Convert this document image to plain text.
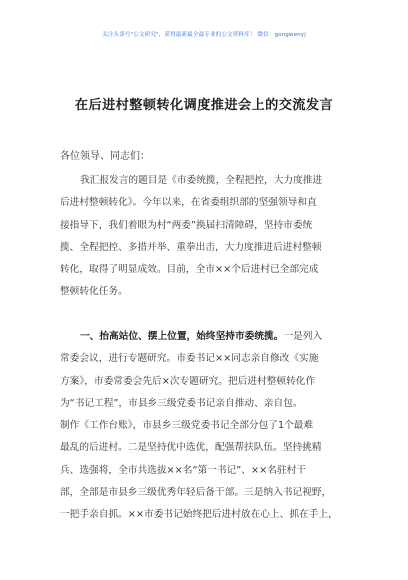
关注头条号"公文研究"，获得最新最全最专业的公文资料库！ 微信：gongwenyj
在后进村整顿转化调度推进会上的交流发言
各位领导、同志们：
我汇报发言的题目是《市委统揽，全程把控，大力度推进
后进村整顿转化》。今年以来，在省委组织部的坚强领导和直
接指导下，我们着眼为村“两委”换届扫清障碍，坚持市委统
揽、全程把控、多措并举、重拳出击，大力度推进后进村整顿
转化，取得了明显成效。目前，全市××个后进村已全部完成
整顿转化任务。
一、抬高站位、摆上位置，始终坚持市委统揽。一是列入
常委会议，进行专题研究。市委书记××同志亲自修改《实施
方案》，市委常委会先后×次专题研究。把后进村整顿转化作
为“书记工程”，市县乡三级党委书记亲自推动、亲自包。
制作《工作台账》，市县乡三级党委书记全部分包了1个最难
最乱的后进村。二是坚持优中选优，配强帮扶队伍。坚持挑精
兵、选强将，全市共选拔××名“第一书记”、××名驻村干
部，全部是市县乡三级优秀年轻后备干部。三是纳入书记视野，
一把手亲自抓。××市委书记始终把后进村放在心上、抓在手上，
